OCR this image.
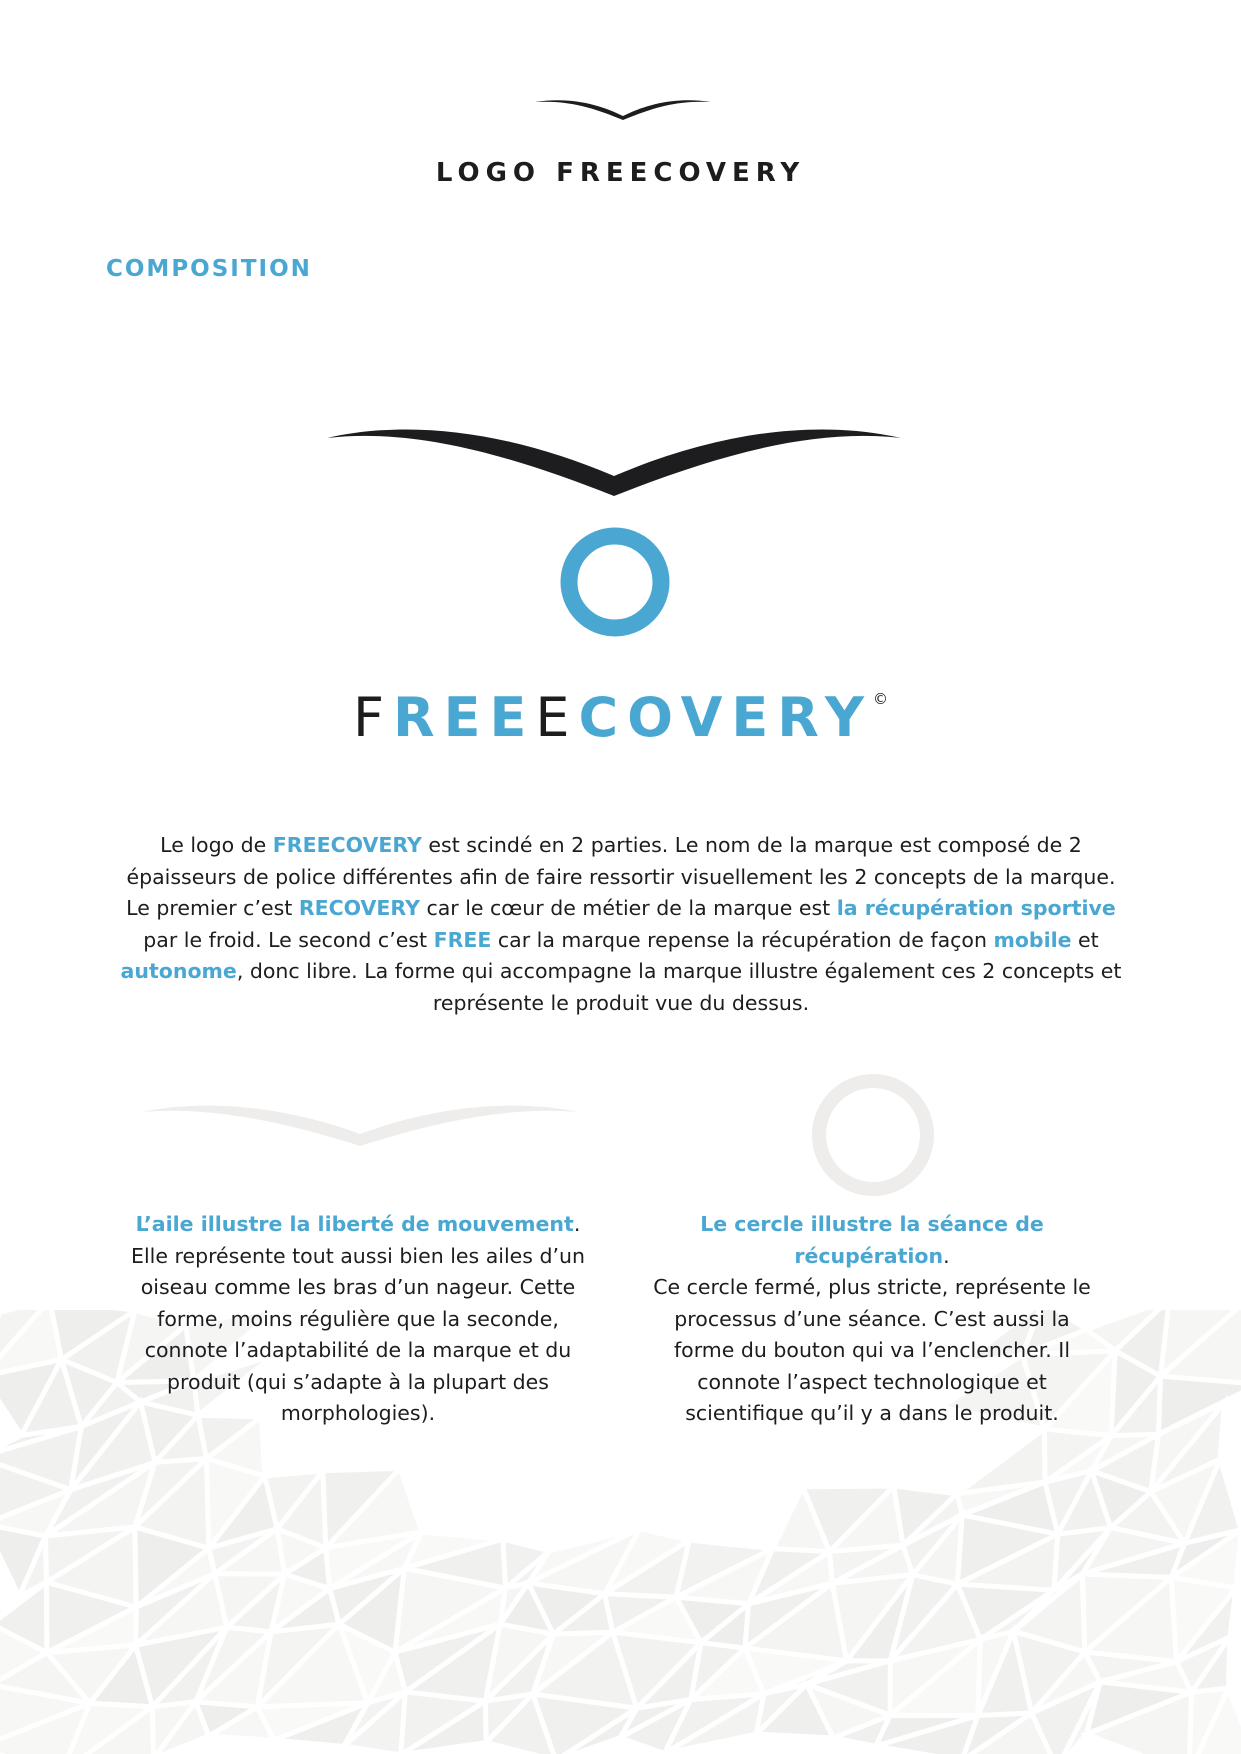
LOGO FREECOVERY
COMPOSITION
FREEECOVERY©

Le logo de FREECOVERY est scindé en 2 parties. Le nom de la marque est composé de 2 épaisseurs de police différentes afin de faire ressortir visuellement les 2 concepts de la marque. Le premier c’est RECOVERY car le cœur de métier de la marque est la récupération sportive par le froid. Le second c’est FREE car la marque repense la récupération de façon mobile et autonome, donc libre. La forme qui accompagne la marque illustre également ces 2 concepts et représente le produit vue du dessus.

L’aile illustre la liberté de mouvement.
Elle représente tout aussi bien les ailes d’un oiseau comme les bras d’un nageur. Cette forme, moins régulière que la seconde, connote l’adaptabilité de la marque et du produit (qui s’adapte à la plupart des morphologies).
Le cercle illustre la séance de récupération.
Ce cercle fermé, plus stricte, représente le processus d’une séance. C’est aussi la forme du bouton qui va l’enclencher. Il connote l’aspect technologique et scientifique qu’il y a dans le produit.
